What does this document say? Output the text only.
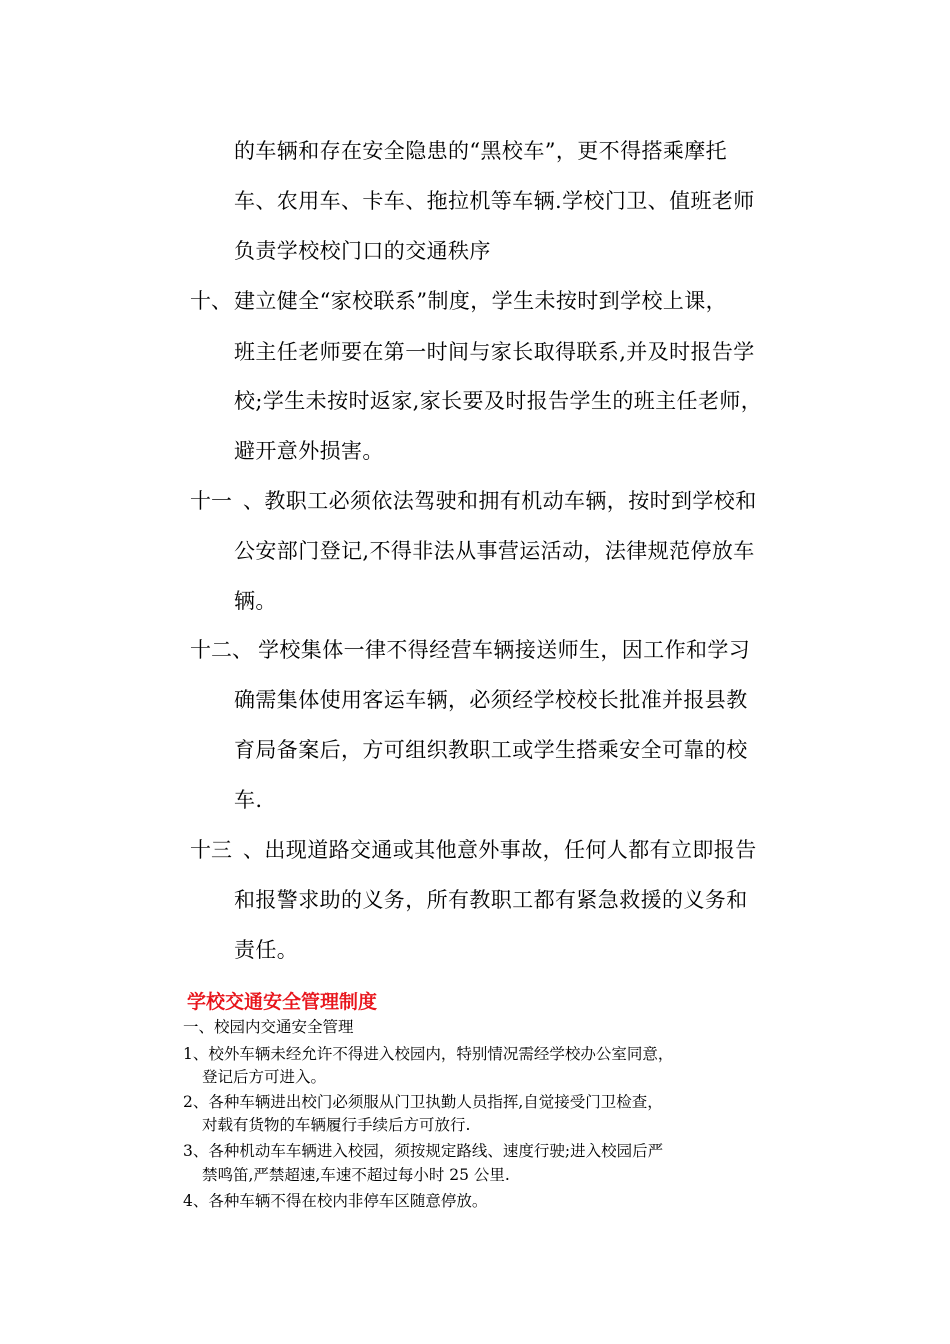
的车辆和存在安全隐患的“黑校车”，更不得搭乘摩托
车、农用车、卡车、拖拉机等车辆.学校门卫、值班老师
负责学校校门口的交通秩序
十、 建立健全“家校联系”制度，学生未按时到学校上课，
班主任老师要在第一时间与家长取得联系,并及时报告学
校;学生未按时返家,家长要及时报告学生的班主任老师，
避开意外损害。
十一 、教职工必须依法驾驶和拥有机动车辆，按时到学校和
公安部门登记,不得非法从事营运活动，法律规范停放车
辆。
十二、 学校集体一律不得经营车辆接送师生，因工作和学习
确需集体使用客运车辆，必须经学校校长批准并报县教
育局备案后，方可组织教职工或学生搭乘安全可靠的校
车.
十三 、出现道路交通或其他意外事故，任何人都有立即报告
和报警求助的义务，所有教职工都有紧急救援的义务和
责任。
学校交通安全管理制度
一、校园内交通安全管理
1、校外车辆未经允许不得进入校园内，特别情况需经学校办公室同意，
登记后方可进入。
2、各种车辆进出校门必须服从门卫执勤人员指挥,自觉接受门卫检查，
对载有货物的车辆履行手续后方可放行.
3、各种机动车车辆进入校园，须按规定路线、速度行驶;进入校园后严
禁鸣笛,严禁超速,车速不超过每小时 25 公里.
4、各种车辆不得在校内非停车区随意停放。
